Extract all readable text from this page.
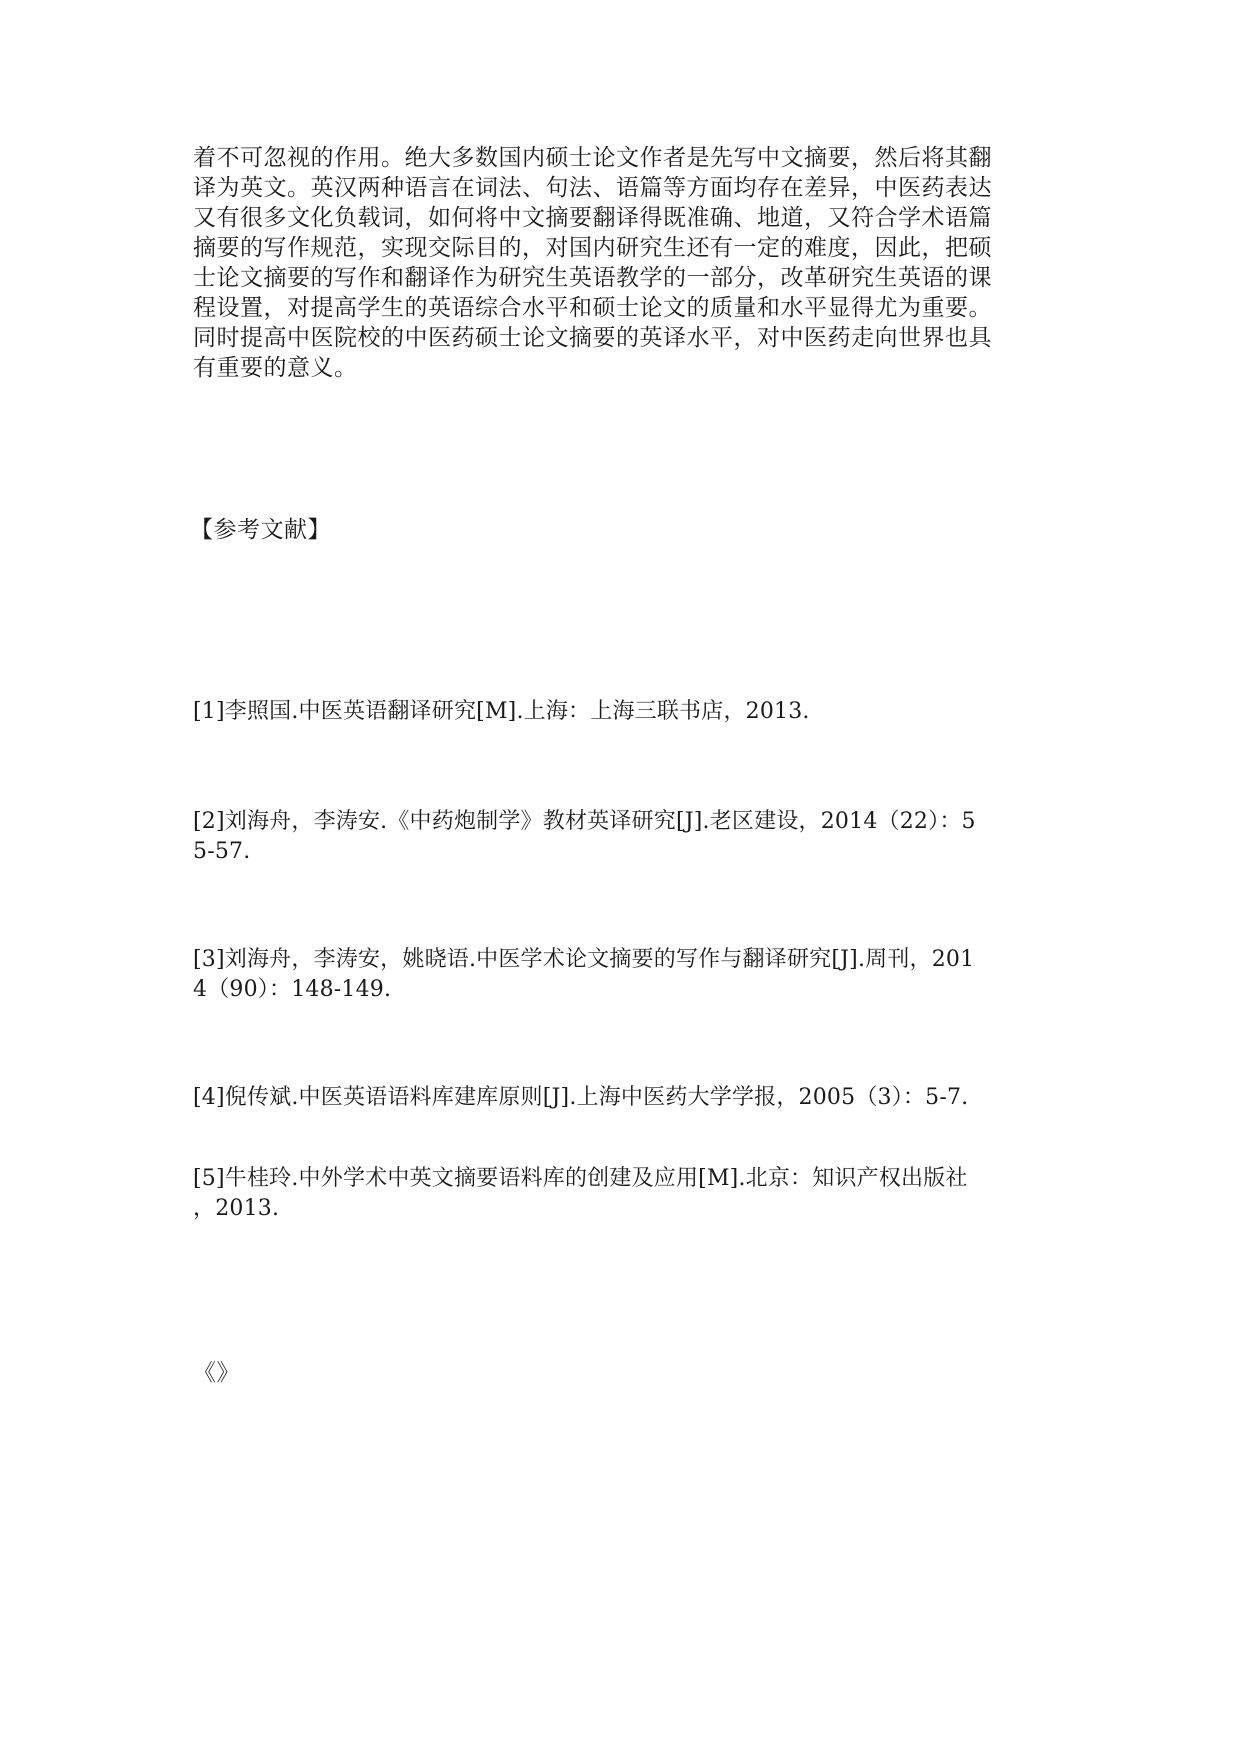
着不可忽视的作用。绝大多数国内硕士论文作者是先写中文摘要，然后将其翻
译为英文。英汉两种语言在词法、句法、语篇等方面均存在差异，中医药表达
又有很多文化负载词，如何将中文摘要翻译得既准确、地道，又符合学术语篇
摘要的写作规范，实现交际目的，对国内研究生还有一定的难度，因此，把硕
士论文摘要的写作和翻译作为研究生英语教学的一部分，改革研究生英语的课
程设置，对提高学生的英语综合水平和硕士论文的质量和水平显得尤为重要。
同时提高中医院校的中医药硕士论文摘要的英译水平，对中医药走向世界也具
有重要的意义。
【参考文献】
[1]李照国.中医英语翻译研究[M].上海：上海三联书店，2013.
[2]刘海舟，李涛安.《中药炮制学》教材英译研究[J].老区建设，2014（22）：5
5-57.
[3]刘海舟，李涛安，姚晓语.中医学术论文摘要的写作与翻译研究[J].周刊，201
4（90）：148-149.
[4]倪传斌.中医英语语料库建库原则[J].上海中医药大学学报，2005（3）：5-7.
[5]牛桂玲.中外学术中英文摘要语料库的创建及应用[M].北京：知识产权出版社
，2013.
《》
